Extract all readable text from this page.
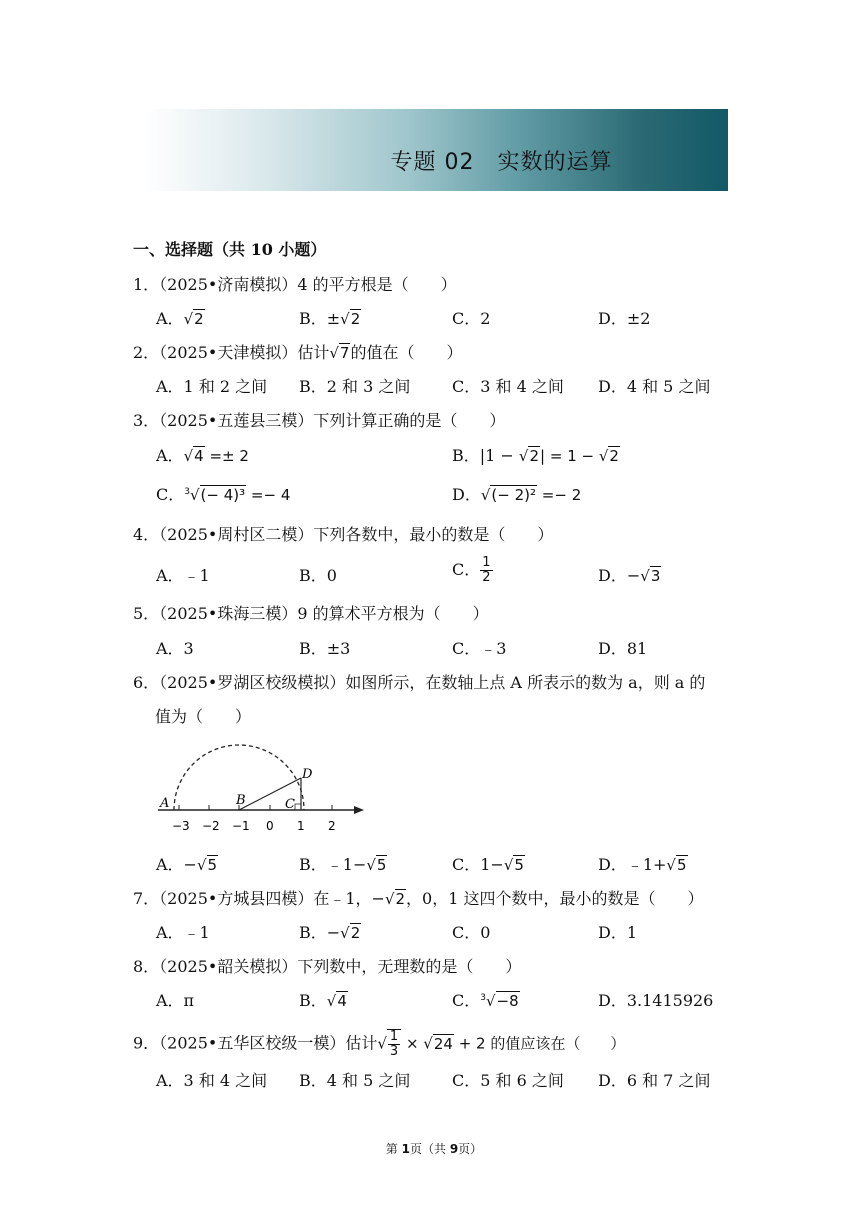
专题 02　实数的运算
一、选择题（共 10 小题）
1．（2025•济南模拟）4 的平方根是（　　）
A．√2	B．±√2	C．2	D．±2
2．（2025•天津模拟）估计√7的值在（　　）
A．1 和 2 之间 B．2 和 3 之间	C．3 和 4 之间 D．4 和 5 之间
3．（2025•五莲县三模）下列计算正确的是（　　）
A．√4 =± 2	B．|1 − √2| = 1 − √2
C．$^3$√(− 4)³ =− 4	D．√(− 2)² =− 2
4．（2025•周村区二模）下列各数中，最小的数是（　　）
A．﹣1	B．0	C． $\frac{1}{2}$	D．−√3
5．（2025•珠海三模）9 的算术平方根为（　　）
A．3	B．±3	C．﹣3	D．81
6．（2025•罗湖区校级模拟）如图所示，在数轴上点 A 所表示的数为 a，则 a 的
值为（　　）
A	B	C
D
−3 −2 −1 0 1 2
A．−√5	B．﹣1−√5	C．1−√5	D．﹣1+√5
7．（2025•方城县四模）在﹣1，−√2，0，1 这四个数中，最小的数是（　　）
A．﹣1	B．−√2	C．0	D．1
8．（2025•韶关模拟）下列数中，无理数的是（　　）
A．π	B．√4	C．$^3$√−8	D．3.1415926
9．（2025•五华区校级一模）估计√ $\frac{1}{3} \times √24 + 2$ 的值应该在（　　）
A．3 和 4 之间 B．4 和 5 之间	C．5 和 6 之间 D．6 和 7 之间
第 1页（共 9页）
